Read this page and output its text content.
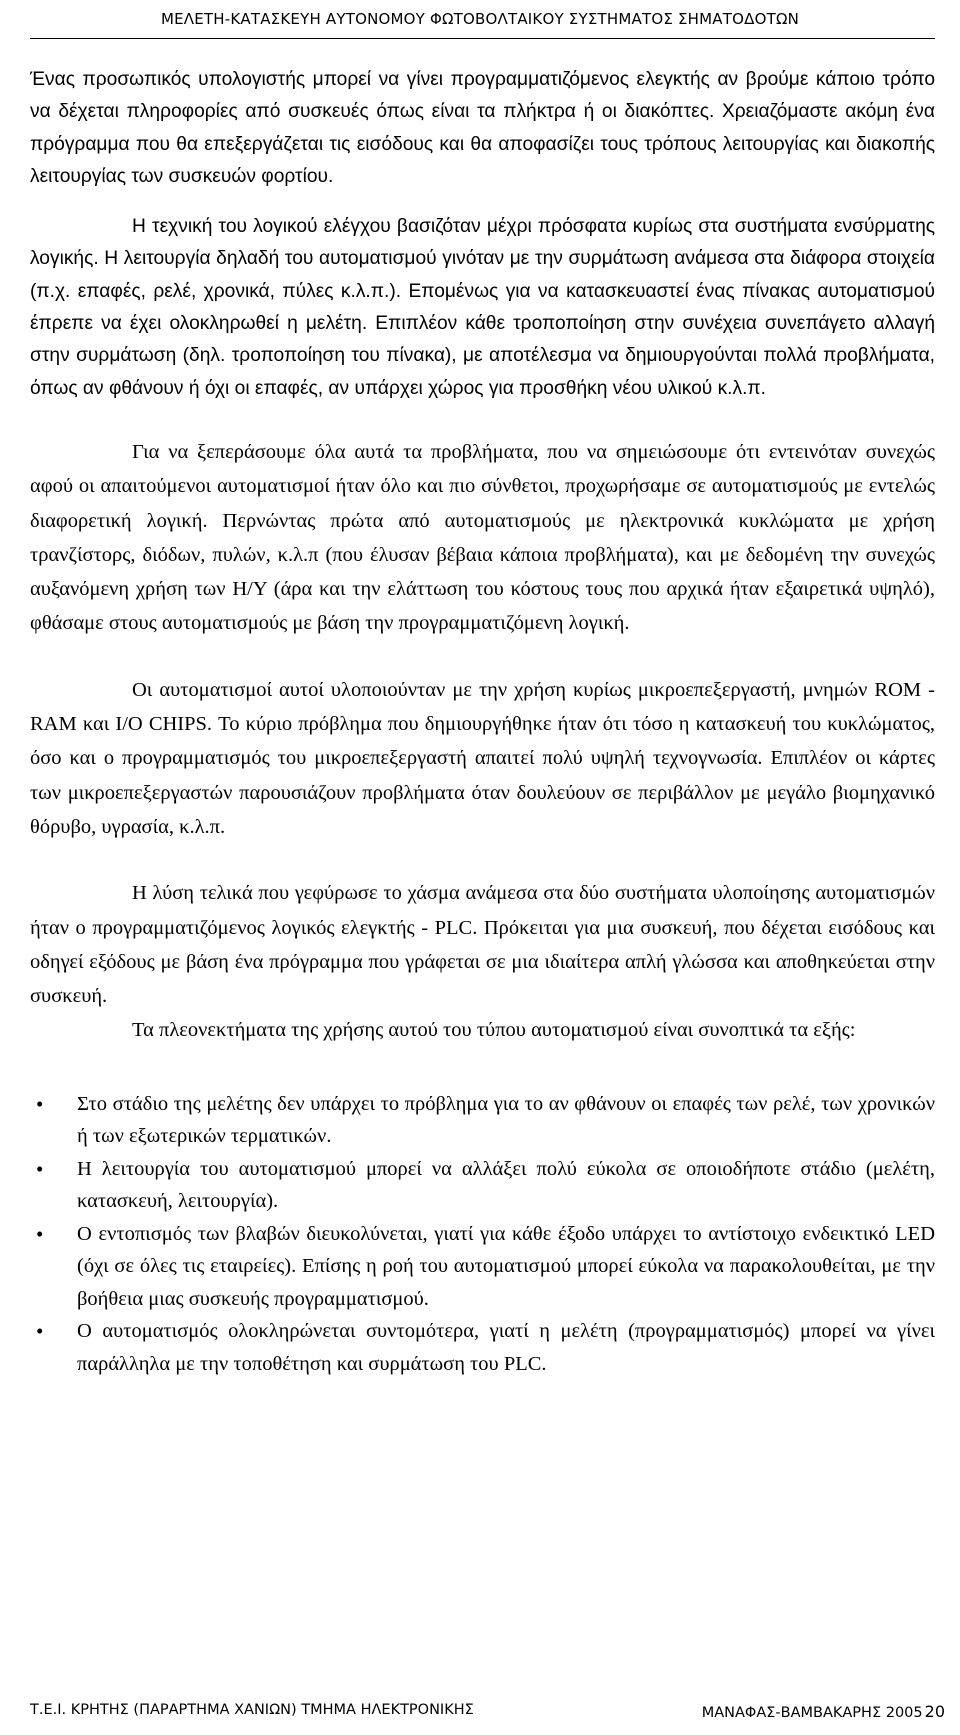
ΜΕΛΕΤΗ-ΚΑΤΑΣΚΕΥΗ ΑΥΤΟΝΟΜΟΥ ΦΩΤΟΒΟΛΤΑΙΚΟΥ ΣΥΣΤΗΜΑΤΟΣ ΣΗΜΑΤΟΔΟΤΩΝ

Ένας προσωπικός υπολογιστής μπορεί να γίνει προγραμματιζόμενος ελεγκτής αν βρούμε κάποιο τρόπο να δέχεται πληροφορίες από συσκευές όπως είναι τα πλήκτρα ή οι διακόπτες. Χρειαζόμαστε ακόμη ένα πρόγραμμα που θα επεξεργάζεται τις εισόδους και θα αποφασίζει τους τρόπους λειτουργίας και διακοπής λειτουργίας των συσκευών φορτίου.

Η τεχνική του λογικού ελέγχου βασιζόταν μέχρι πρόσφατα κυρίως στα συστήματα ενσύρματης λογικής. Η λειτουργία δηλαδή του αυτοματισμού γινόταν με την συρμάτωση ανάμεσα στα διάφορα στοιχεία (π.χ. επαφές, ρελέ, χρονικά, πύλες κ.λ.π.). Επομένως για να κατασκευαστεί ένας πίνακας αυτοματισμού έπρεπε να έχει ολοκληρωθεί η μελέτη. Επιπλέον κάθε τροποποίηση στην συνέχεια συνεπάγετο αλλαγή στην συρμάτωση (δηλ. τροποποίηση του πίνακα), με αποτέλεσμα να δημιουργούνται πολλά προβλήματα, όπως αν φθάνουν ή όχι οι επαφές, αν υπάρχει χώρος για προσθήκη νέου υλικού κ.λ.π.

Για να ξεπεράσουμε όλα αυτά τα προβλήματα, που να σημειώσουμε ότι εντεινόταν συνεχώς αφού οι απαιτούμενοι αυτοματισμοί ήταν όλο και πιο σύνθετοι, προχωρήσαμε σε αυτοματισμούς με εντελώς διαφορετική λογική. Περνώντας πρώτα από αυτοματισμούς με ηλεκτρονικά κυκλώματα με χρήση τρανζίστορς, διόδων, πυλών, κ.λ.π (που έλυσαν βέβαια κάποια προβλήματα), και με δεδομένη την συνεχώς αυξανόμενη χρήση των Η/Υ (άρα και την ελάττωση του κόστους τους που αρχικά ήταν εξαιρετικά υψηλό), φθάσαμε στους αυτοματισμούς με βάση την προγραμματιζόμενη λογική.

Οι αυτοματισμοί αυτοί υλοποιούνταν με την χρήση κυρίως μικροεπεξεργαστή, μνημών ROM - RAM και I/O CHIPS. Το κύριο πρόβλημα που δημιουργήθηκε ήταν ότι τόσο η κατασκευή του κυκλώματος, όσο και ο προγραμματισμός του μικροεπεξεργαστή απαιτεί πολύ υψηλή τεχνογνωσία. Επιπλέον οι κάρτες των μικροεπεξεργαστών παρουσιάζουν προβλήματα όταν δουλεύουν σε περιβάλλον με μεγάλο βιομηχανικό θόρυβο, υγρασία, κ.λ.π.

Η λύση τελικά που γεφύρωσε το χάσμα ανάμεσα στα δύο συστήματα υλοποίησης αυτοματισμών ήταν ο προγραμματιζόμενος λογικός ελεγκτής - PLC. Πρόκειται για μια συσκευή, που δέχεται εισόδους και οδηγεί εξόδους με βάση ένα πρόγραμμα που γράφεται σε μια ιδιαίτερα απλή γλώσσα και αποθηκεύεται στην συσκευή.

Τα πλεονεκτήματα της χρήσης αυτού του τύπου αυτοματισμού είναι συνοπτικά τα εξής:

• Στο στάδιο της μελέτης δεν υπάρχει το πρόβλημα για το αν φθάνουν οι επαφές των ρελέ, των χρονικών ή των εξωτερικών τερματικών.
• Η λειτουργία του αυτοματισμού μπορεί να αλλάξει πολύ εύκολα σε οποιοδήποτε στάδιο (μελέτη, κατασκευή, λειτουργία).
• Ο εντοπισμός των βλαβών διευκολύνεται, γιατί για κάθε έξοδο υπάρχει το αντίστοιχο ενδεικτικό LED (όχι σε όλες τις εταιρείες). Επίσης η ροή του αυτοματισμού μπορεί εύκολα να παρακολουθείται, με την βοήθεια μιας συσκευής προγραμματισμού.
• Ο αυτοματισμός ολοκληρώνεται συντομότερα, γιατί η μελέτη (προγραμματισμός) μπορεί να γίνει παράλληλα με την τοποθέτηση και συρμάτωση του PLC.
Τ.Ε.Ι. ΚΡΗΤΗΣ (ΠΑΡΑΡΤΗΜΑ ΧΑΝΙΩΝ) ΤΜΗΜΑ ΗΛΕΚΤΡΟΝΙΚΗΣ	ΜΑΝΑΦΑΣ-ΒΑΜΒΑΚΑΡΗΣ 2005 20
